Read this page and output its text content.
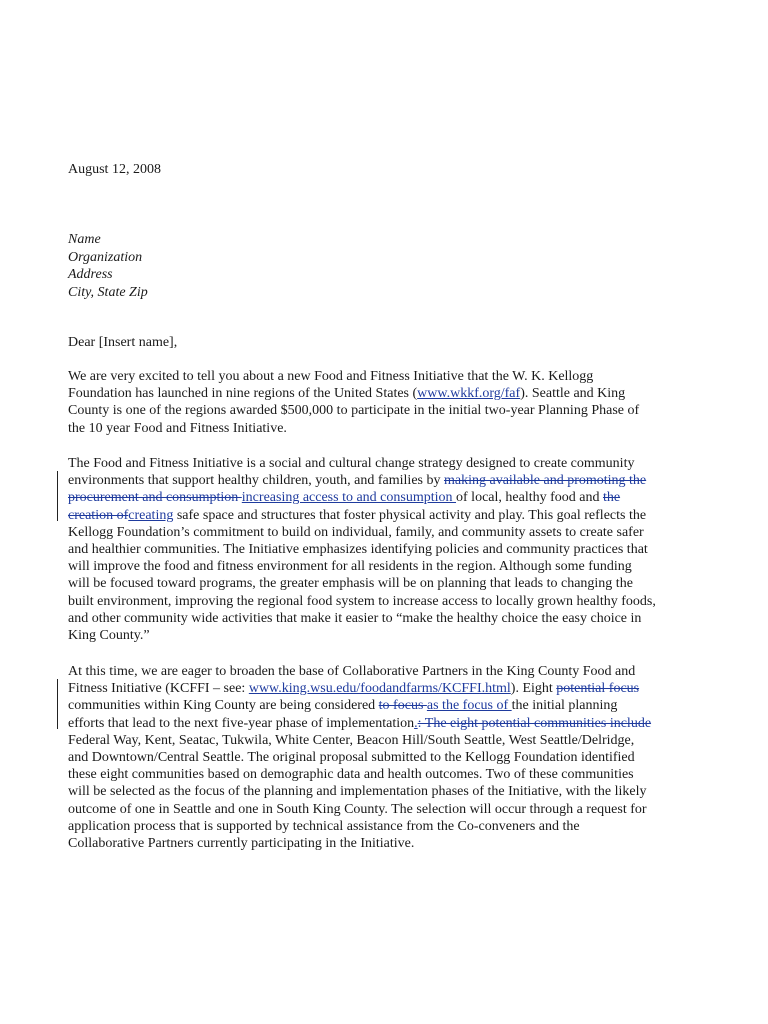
August 12, 2008
Name
Organization
Address
City, State Zip
Dear [Insert name],
We are very excited to tell you about a new Food and Fitness Initiative that the W. K. Kellogg
Foundation has launched in nine regions of the United States (www.wkkf.org/faf). Seattle and King
County is one of the regions awarded $500,000 to participate in the initial two-year Planning Phase of
the 10 year Food and Fitness Initiative.
The Food and Fitness Initiative is a social and cultural change strategy designed to create community
environments that support healthy children, youth, and families by making available and promoting the
procurement and consumption increasing access to and consumption of local, healthy food and the
creation ofcreating safe space and structures that foster physical activity and play. This goal reflects the
Kellogg Foundation’s commitment to build on individual, family, and community assets to create safer
and healthier communities. The Initiative emphasizes identifying policies and community practices that
will improve the food and fitness environment for all residents in the region. Although some funding
will be focused toward programs, the greater emphasis will be on planning that leads to changing the
built environment, improving the regional food system to increase access to locally grown healthy foods,
and other community wide activities that make it easier to “make the healthy choice the easy choice in
King County.”
At this time, we are eager to broaden the base of Collaborative Partners in the King County Food and
Fitness Initiative (KCFFI – see: www.king.wsu.edu/foodandfarms/KCFFI.html). Eight potential focus
communities within King County are being considered to focus as the focus of the initial planning
efforts that lead to the next five-year phase of implementation.: The eight potential communities include
Federal Way, Kent, Seatac, Tukwila, White Center, Beacon Hill/South Seattle, West Seattle/Delridge,
and Downtown/Central Seattle. The original proposal submitted to the Kellogg Foundation identified
these eight communities based on demographic data and health outcomes. Two of these communities
will be selected as the focus of the planning and implementation phases of the Initiative, with the likely
outcome of one in Seattle and one in South King County. The selection will occur through a request for
application process that is supported by technical assistance from the Co-conveners and the
Collaborative Partners currently participating in the Initiative.
